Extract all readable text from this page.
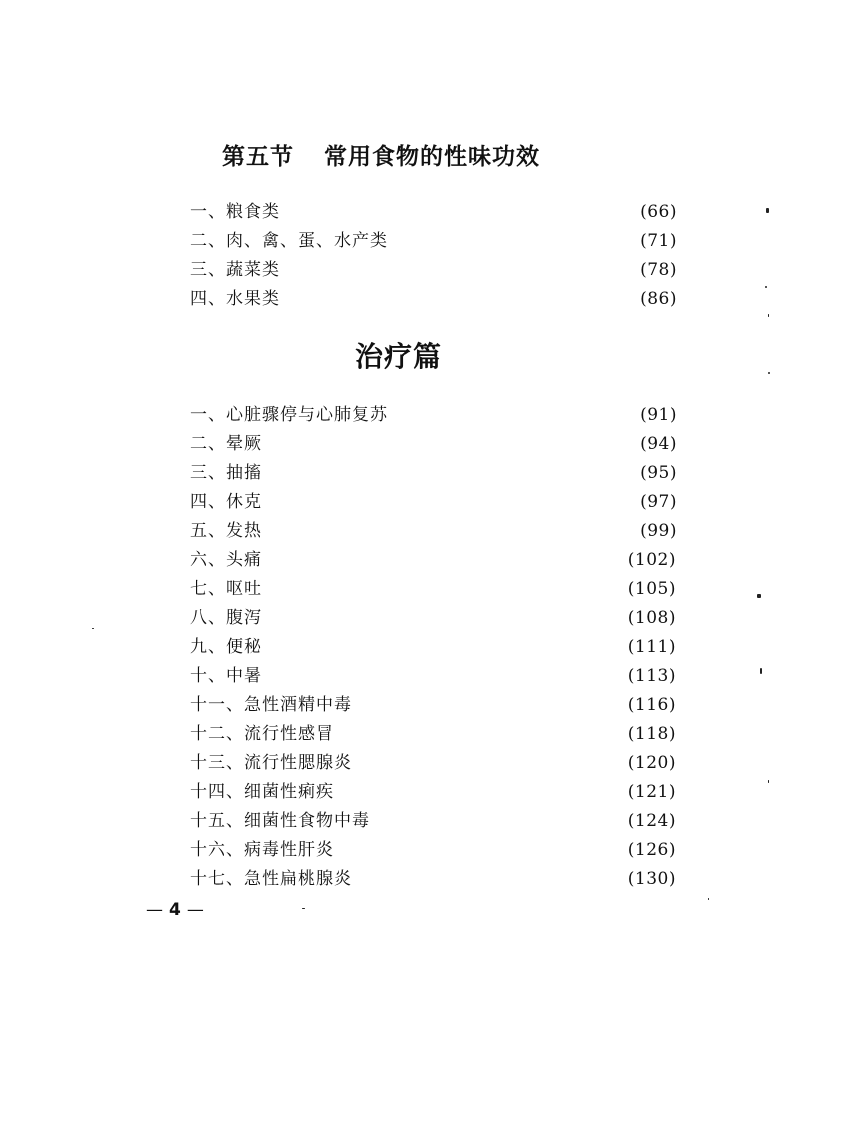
第五节 常用食物的性味功效
一、粮食类	(66)
二、肉、禽、蛋、水产类	(71)
三、蔬菜类	(78)
四、水果类	(86)
治疗篇
一、心脏骤停与心肺复苏	(91)
二、晕厥	(94)
三、抽搐	(95)
四、休克	(97)
五、发热	(99)
六、头痛	(102)
七、呕吐	(105)
八、腹泻	(108)
九、便秘	(111)
十、中暑	(113)
十一、急性酒精中毒	(116)
十二、流行性感冒	(118)
十三、流行性腮腺炎	(120)
十四、细菌性痢疾	(121)
十五、细菌性食物中毒	(124)
十六、病毒性肝炎	(126)
十七、急性扁桃腺炎	(130)
— 4 —
